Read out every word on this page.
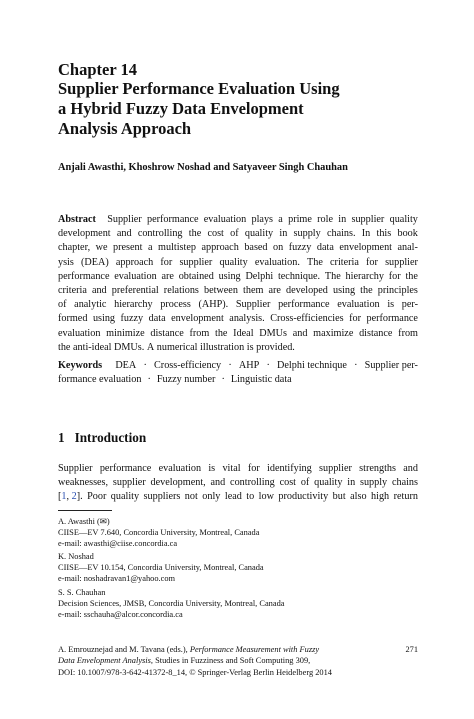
Chapter 14
Supplier Performance Evaluation Using
a Hybrid Fuzzy Data Envelopment
Analysis Approach
Anjali Awasthi, Khoshrow Noshad and Satyaveer Singh Chauhan
Abstract Supplier performance evaluation plays a prime role in supplier quality
development and controlling the cost of quality in supply chains. In this book
chapter, we present a multistep approach based on fuzzy data envelopment anal-
ysis (DEA) approach for supplier quality evaluation. The criteria for supplier
performance evaluation are obtained using Delphi technique. The hierarchy for the
criteria and preferential relations between them are developed using the principles
of analytic hierarchy process (AHP). Supplier performance evaluation is per-
formed using fuzzy data envelopment analysis. Cross-efficiencies for performance
evaluation minimize distance from the Ideal DMUs and maximize distance from
the anti-ideal DMUs. A numerical illustration is provided.
Keywords DEA · Cross-efficiency · AHP · Delphi technique · Supplier per-
formance evaluation · Fuzzy number · Linguistic data
1 Introduction
Supplier performance evaluation is vital for identifying supplier strengths and
weaknesses, supplier development, and controlling cost of quality in supply chains
[1, 2]. Poor quality suppliers not only lead to low productivity but also high return
A. Awasthi (✉)
CIISE—EV 7.640, Concordia University, Montreal, Canada
e-mail: awasthi@ciise.concordia.ca
K. Noshad
CIISE—EV 10.154, Concordia University, Montreal, Canada
e-mail: noshadravan1@yahoo.com
S. S. Chauhan
Decision Sciences, JMSB, Concordia University, Montreal, Canada
e-mail: sschauha@alcor.concordia.ca
A. Emrouznejad and M. Tavana (eds.), Performance Measurement with Fuzzy	271
Data Envelopment Analysis, Studies in Fuzziness and Soft Computing 309,
DOI: 10.1007/978-3-642-41372-8_14, © Springer-Verlag Berlin Heidelberg 2014
